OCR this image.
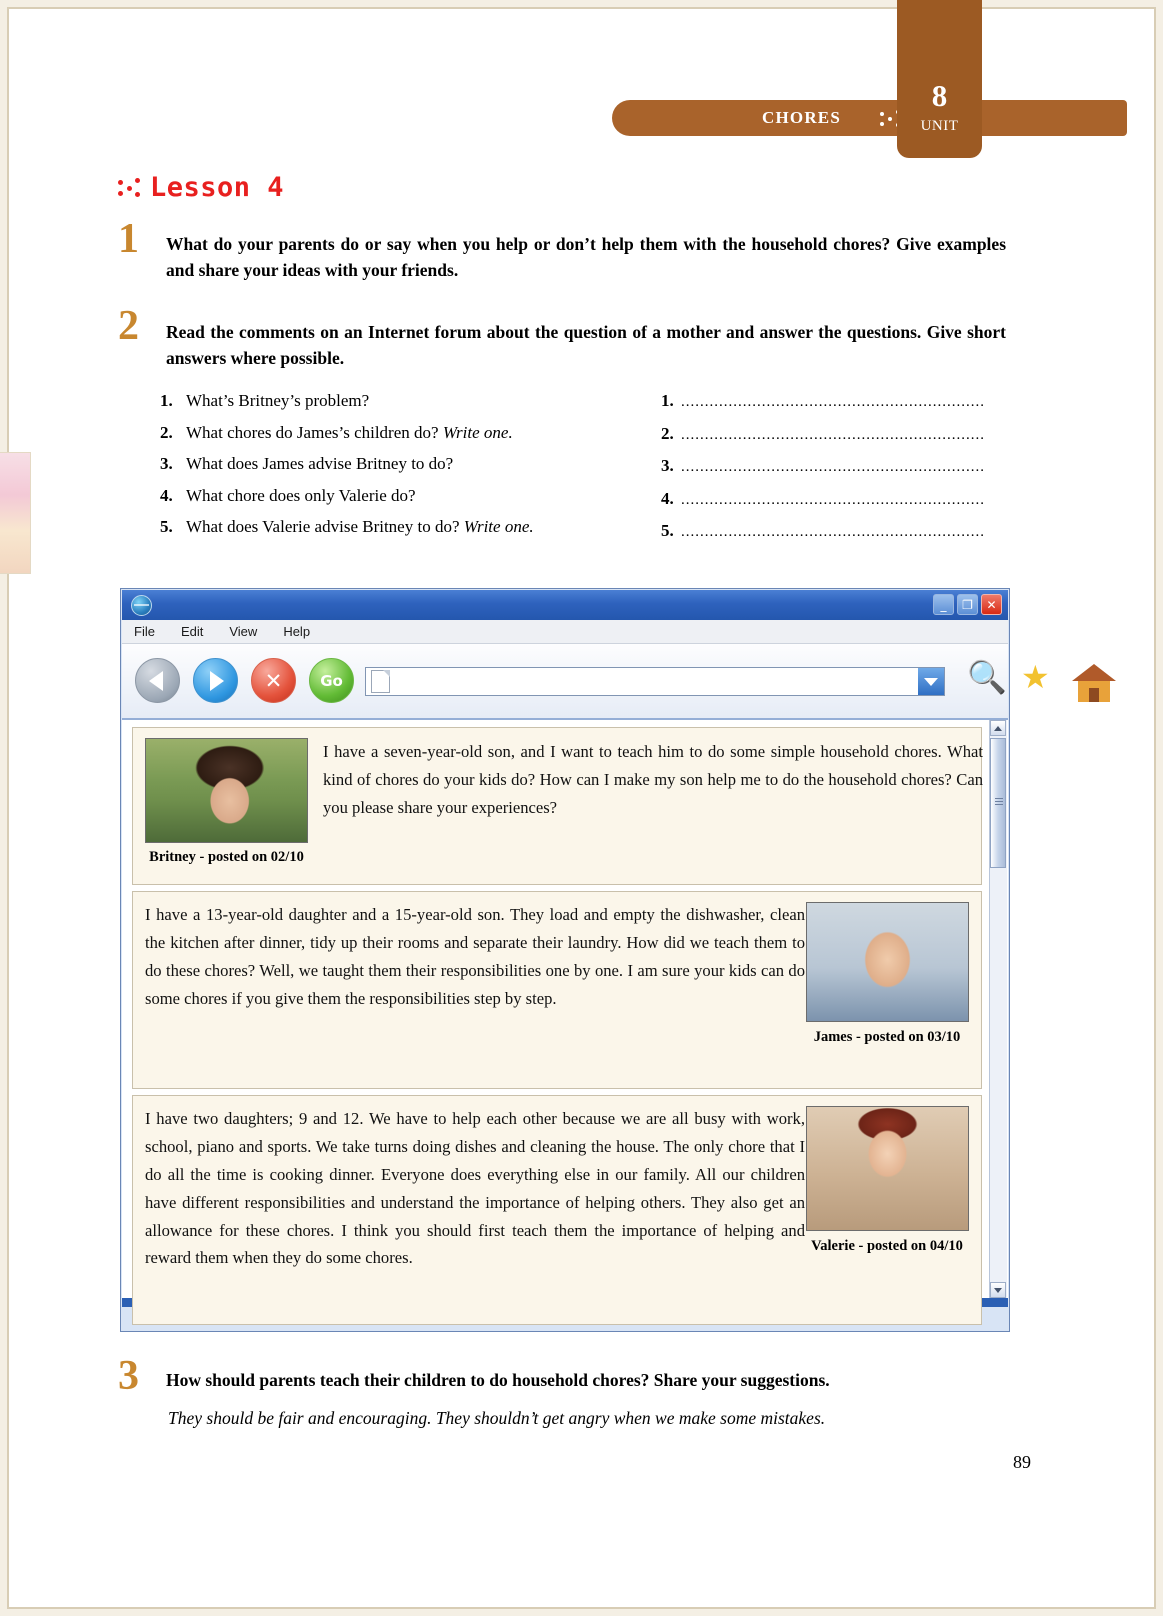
CHORES
8
UNIT
Lesson 4
1 What do your parents do or say when you help or don’t help them with the household chores? Give examples and share your ideas with your friends.
2 Read the comments on an Internet forum about the question of a mother and answer the questions. Give short answers where possible.
1. What’s Britney’s problem?
2. What chores do James’s children do? Write one.
3. What does James advise Britney to do?
4. What chore does only Valerie do?
5. What does Valerie advise Britney to do? Write one.
1. ................................................................
2. ................................................................
3. ................................................................
4. ................................................................
5. ................................................................
_	❐	✕
File Edit View Help
✕	Go	🔍 ★
Britney - posted on 02/10
I have a seven-year-old son, and I want to teach him to do some simple household chores. What kind of chores do your kids do? How can I make my son help me to do the household chores? Can you please share your experiences?
James - posted on 03/10
I have a 13-year-old daughter and a 15-year-old son. They load and empty the dishwasher, clean the kitchen after dinner, tidy up their rooms and separate their laundry. How did we teach them to do these chores? Well, we taught them their responsibilities one by one. I am sure your kids can do some chores if you give them the responsibilities step by step.
Valerie - posted on 04/10
I have two daughters; 9 and 12. We have to help each other because we are all busy with work, school, piano and sports. We take turns doing dishes and cleaning the house. The only chore that I do all the time is cooking dinner. Everyone does everything else in our family. All our children have different responsibilities and understand the importance of helping others. They also get an allowance for these chores. I think you should first teach them the importance of helping and reward them when they do some chores.
3 How should parents teach their children to do household chores? Share your suggestions.
They should be fair and encouraging. They shouldn’t get angry when we make some mistakes.
89
